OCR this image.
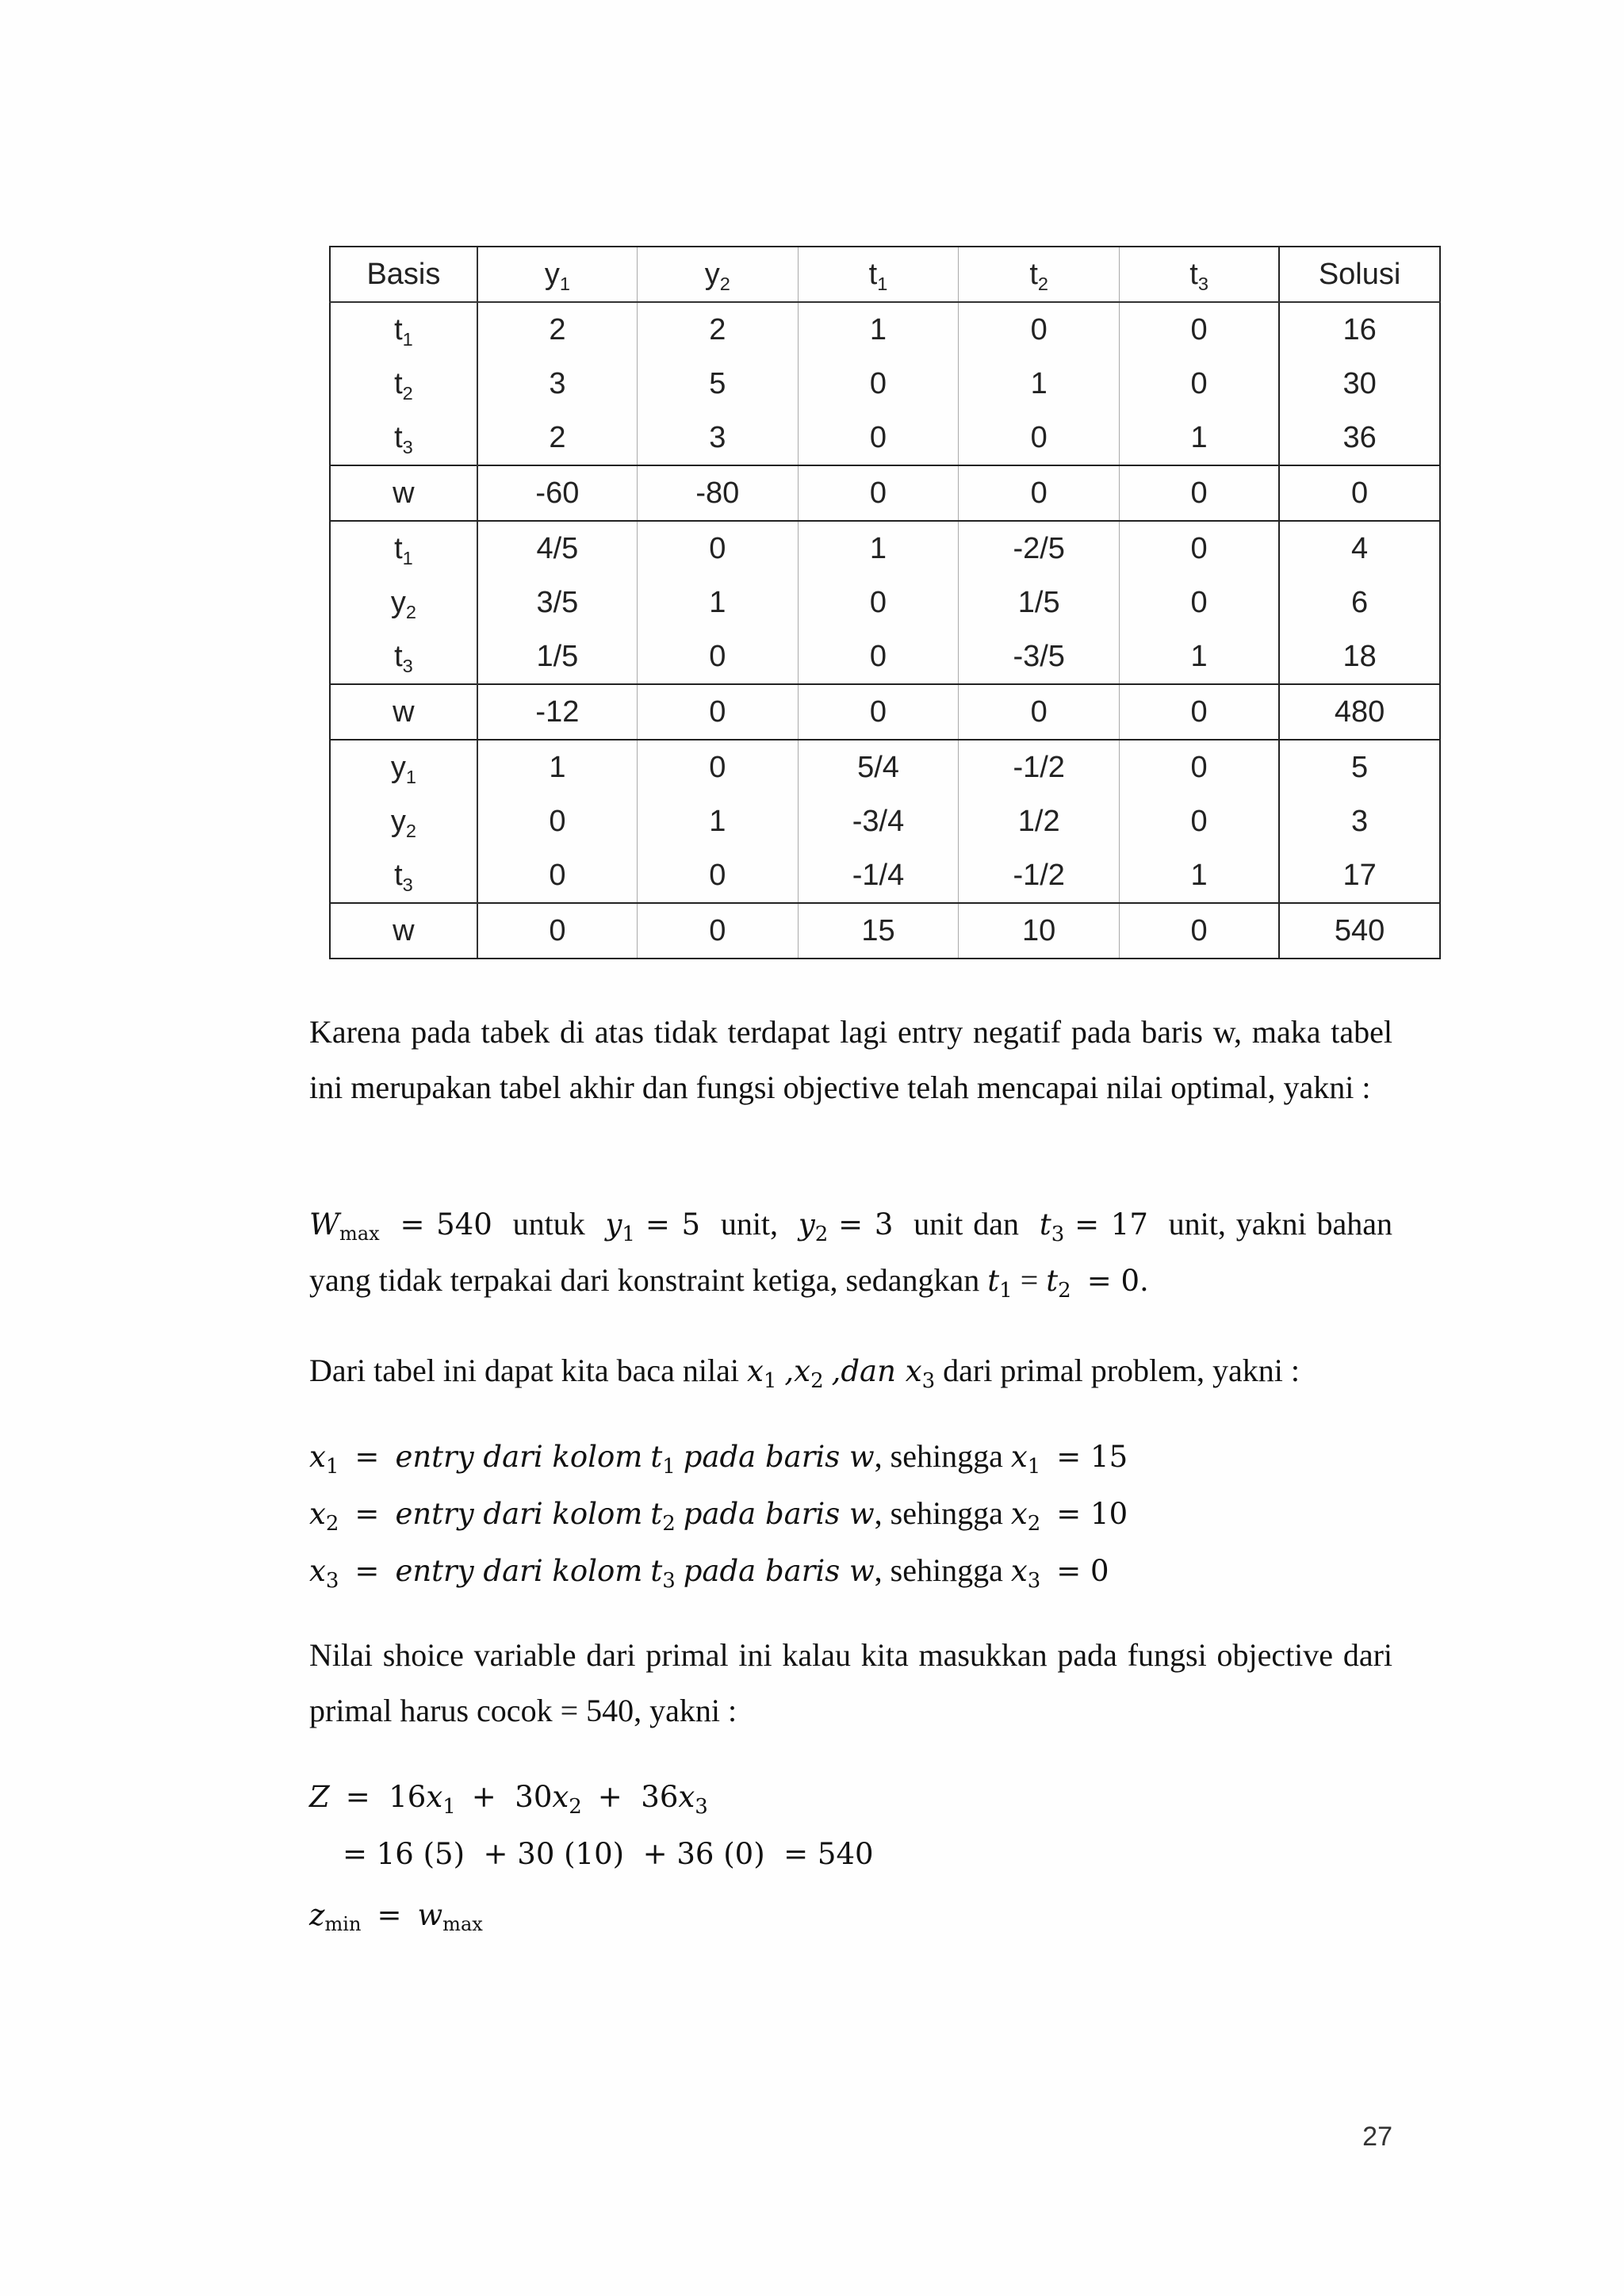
Basis	$y_1$	$y_2$	$t_1$	$t_2$	$t_3$	Solusi
$t_1$	2	2	1	0	0	16
$t_2$	3	5	0	1	0	30
$t_3$	2	3	0	0	1	36
w	-60	-80	0	0	0	0
$t_1$	4/5	0	1	-2/5	0	4
$y_2$	3/5	1	0	1/5	0	6
$t_3$	1/5	0	0	-3/5	1	18
w	-12	0	0	0	0	480
$y_1$	1	0	5/4	-1/2	0	5
$y_2$	0	1	-3/4	1/2	0	3
$t_3$	0	0	-1/4	-1/2	1	17
w	0	0	15	10	0	540

Karena pada tabek di atas tidak terdapat lagi entry negatif pada baris w, maka tabel ini merupakan tabel akhir dan fungsi objective telah mencapai nilai optimal, yakni :

Wmax = 540 untuk y1 = 5 unit, y2 = 3 unit dan t3 = 17 unit, yakni bahan yang tidak terpakai dari konstraint ketiga, sedangkan t1 = t2 = 0.

Dari tabel ini dapat kita baca nilai x1 ,x2 ,dan x3 dari primal problem, yakni :
x1 = entry dari kolom t1 pada baris w, sehingga x1 = 15
x2 = entry dari kolom t2 pada baris w, sehingga x2 = 10
x3 = entry dari kolom t3 pada baris w, sehingga x3 = 0

Nilai shoice variable dari primal ini kalau kita masukkan pada fungsi objective dari primal harus cocok = 540, yakni :

Z =  16x1 +  30x2 +  36x3
= 16 (5)  + 30 (10)  + 36 (0)  = 540
zmin = wmax
27
